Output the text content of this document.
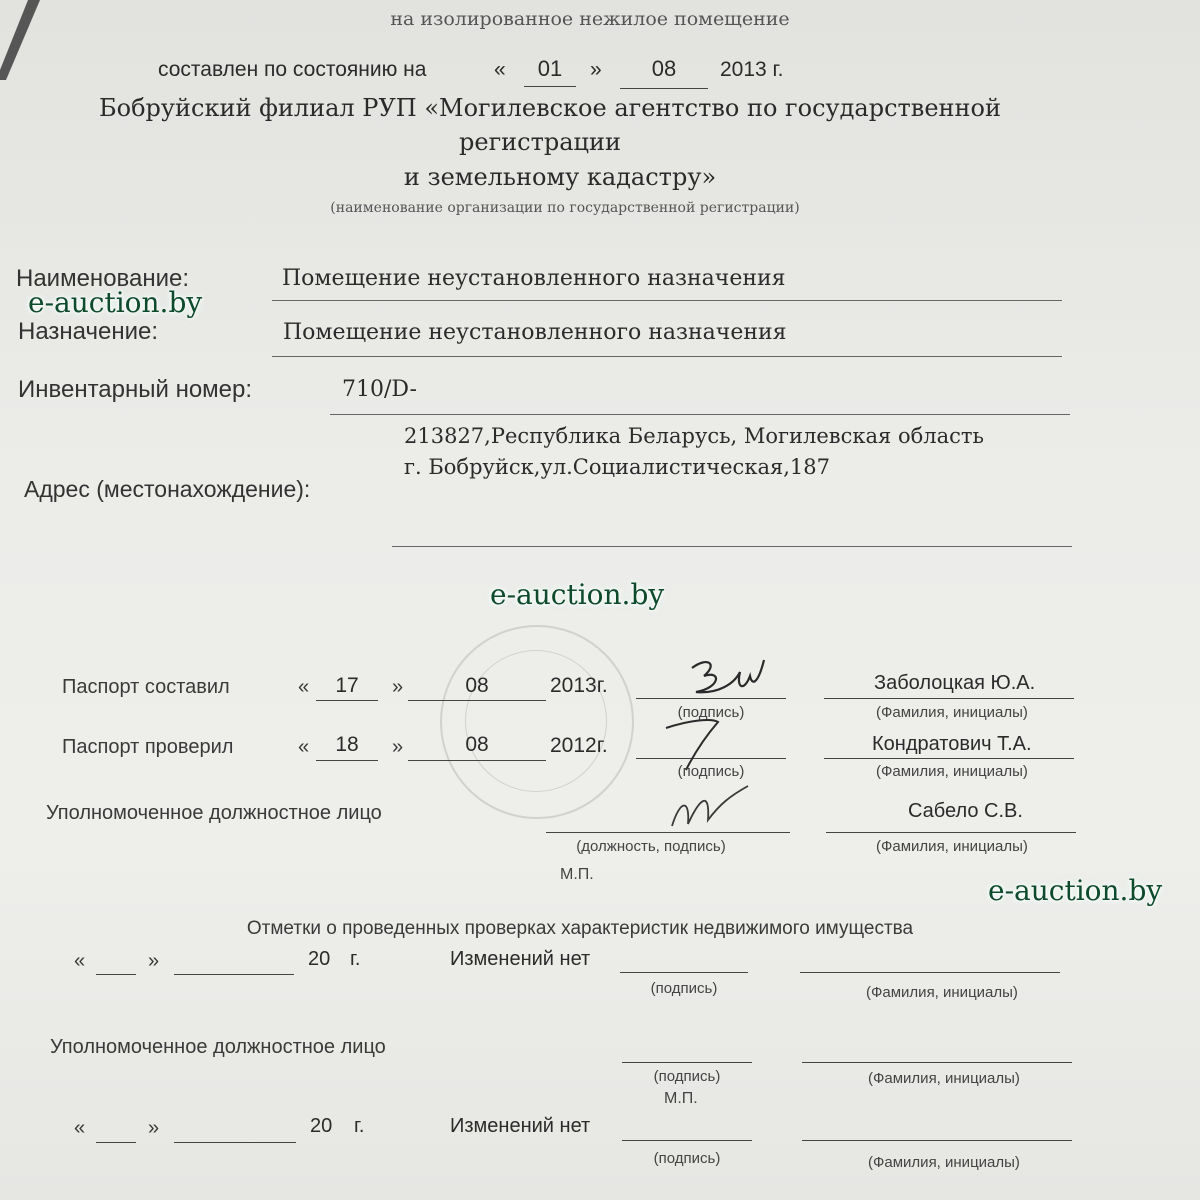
на изолированное нежилое помещение
составлен по состоянию на	«	01	»	08	2013 г.
Бобруйский филиал РУП «Могилевское агентство по государственной
регистрации
и земельному кадастру»
(наименование организации по государственной регистрации)
Наименование:	Помещение неустановленного назначения
Назначение:	Помещение неустановленного назначения
Инвентарный номер:	710/D-
213827,Республика Беларусь, Могилевская область
г. Бобруйск,ул.Социалистическая,187
Адрес (местонахождение):
e-auction.by
e-auction.by
e-auction.by
Паспорт составил	«	17	»	08	2013г.
(подпись)
Заболоцкая Ю.А.
(Фамилия, инициалы)
Паспорт проверил	«	18	»	08	2012г.
(подпись)
Кондратович Т.А.
(Фамилия, инициалы)
Уполномоченное должностное лицо
(должность, подпись)
Сабело С.В.
(Фамилия, инициалы)
М.П.
Отметки о проведенных проверках характеристик недвижимого имущества
«	»	20 г.	Изменений нет
(подпись)	(Фамилия, инициалы)
Уполномоченное должностное лицо
(подпись)	(Фамилия, инициалы)
М.П.
«	»	20 г.	Изменений нет
(подпись)	(Фамилия, инициалы)
